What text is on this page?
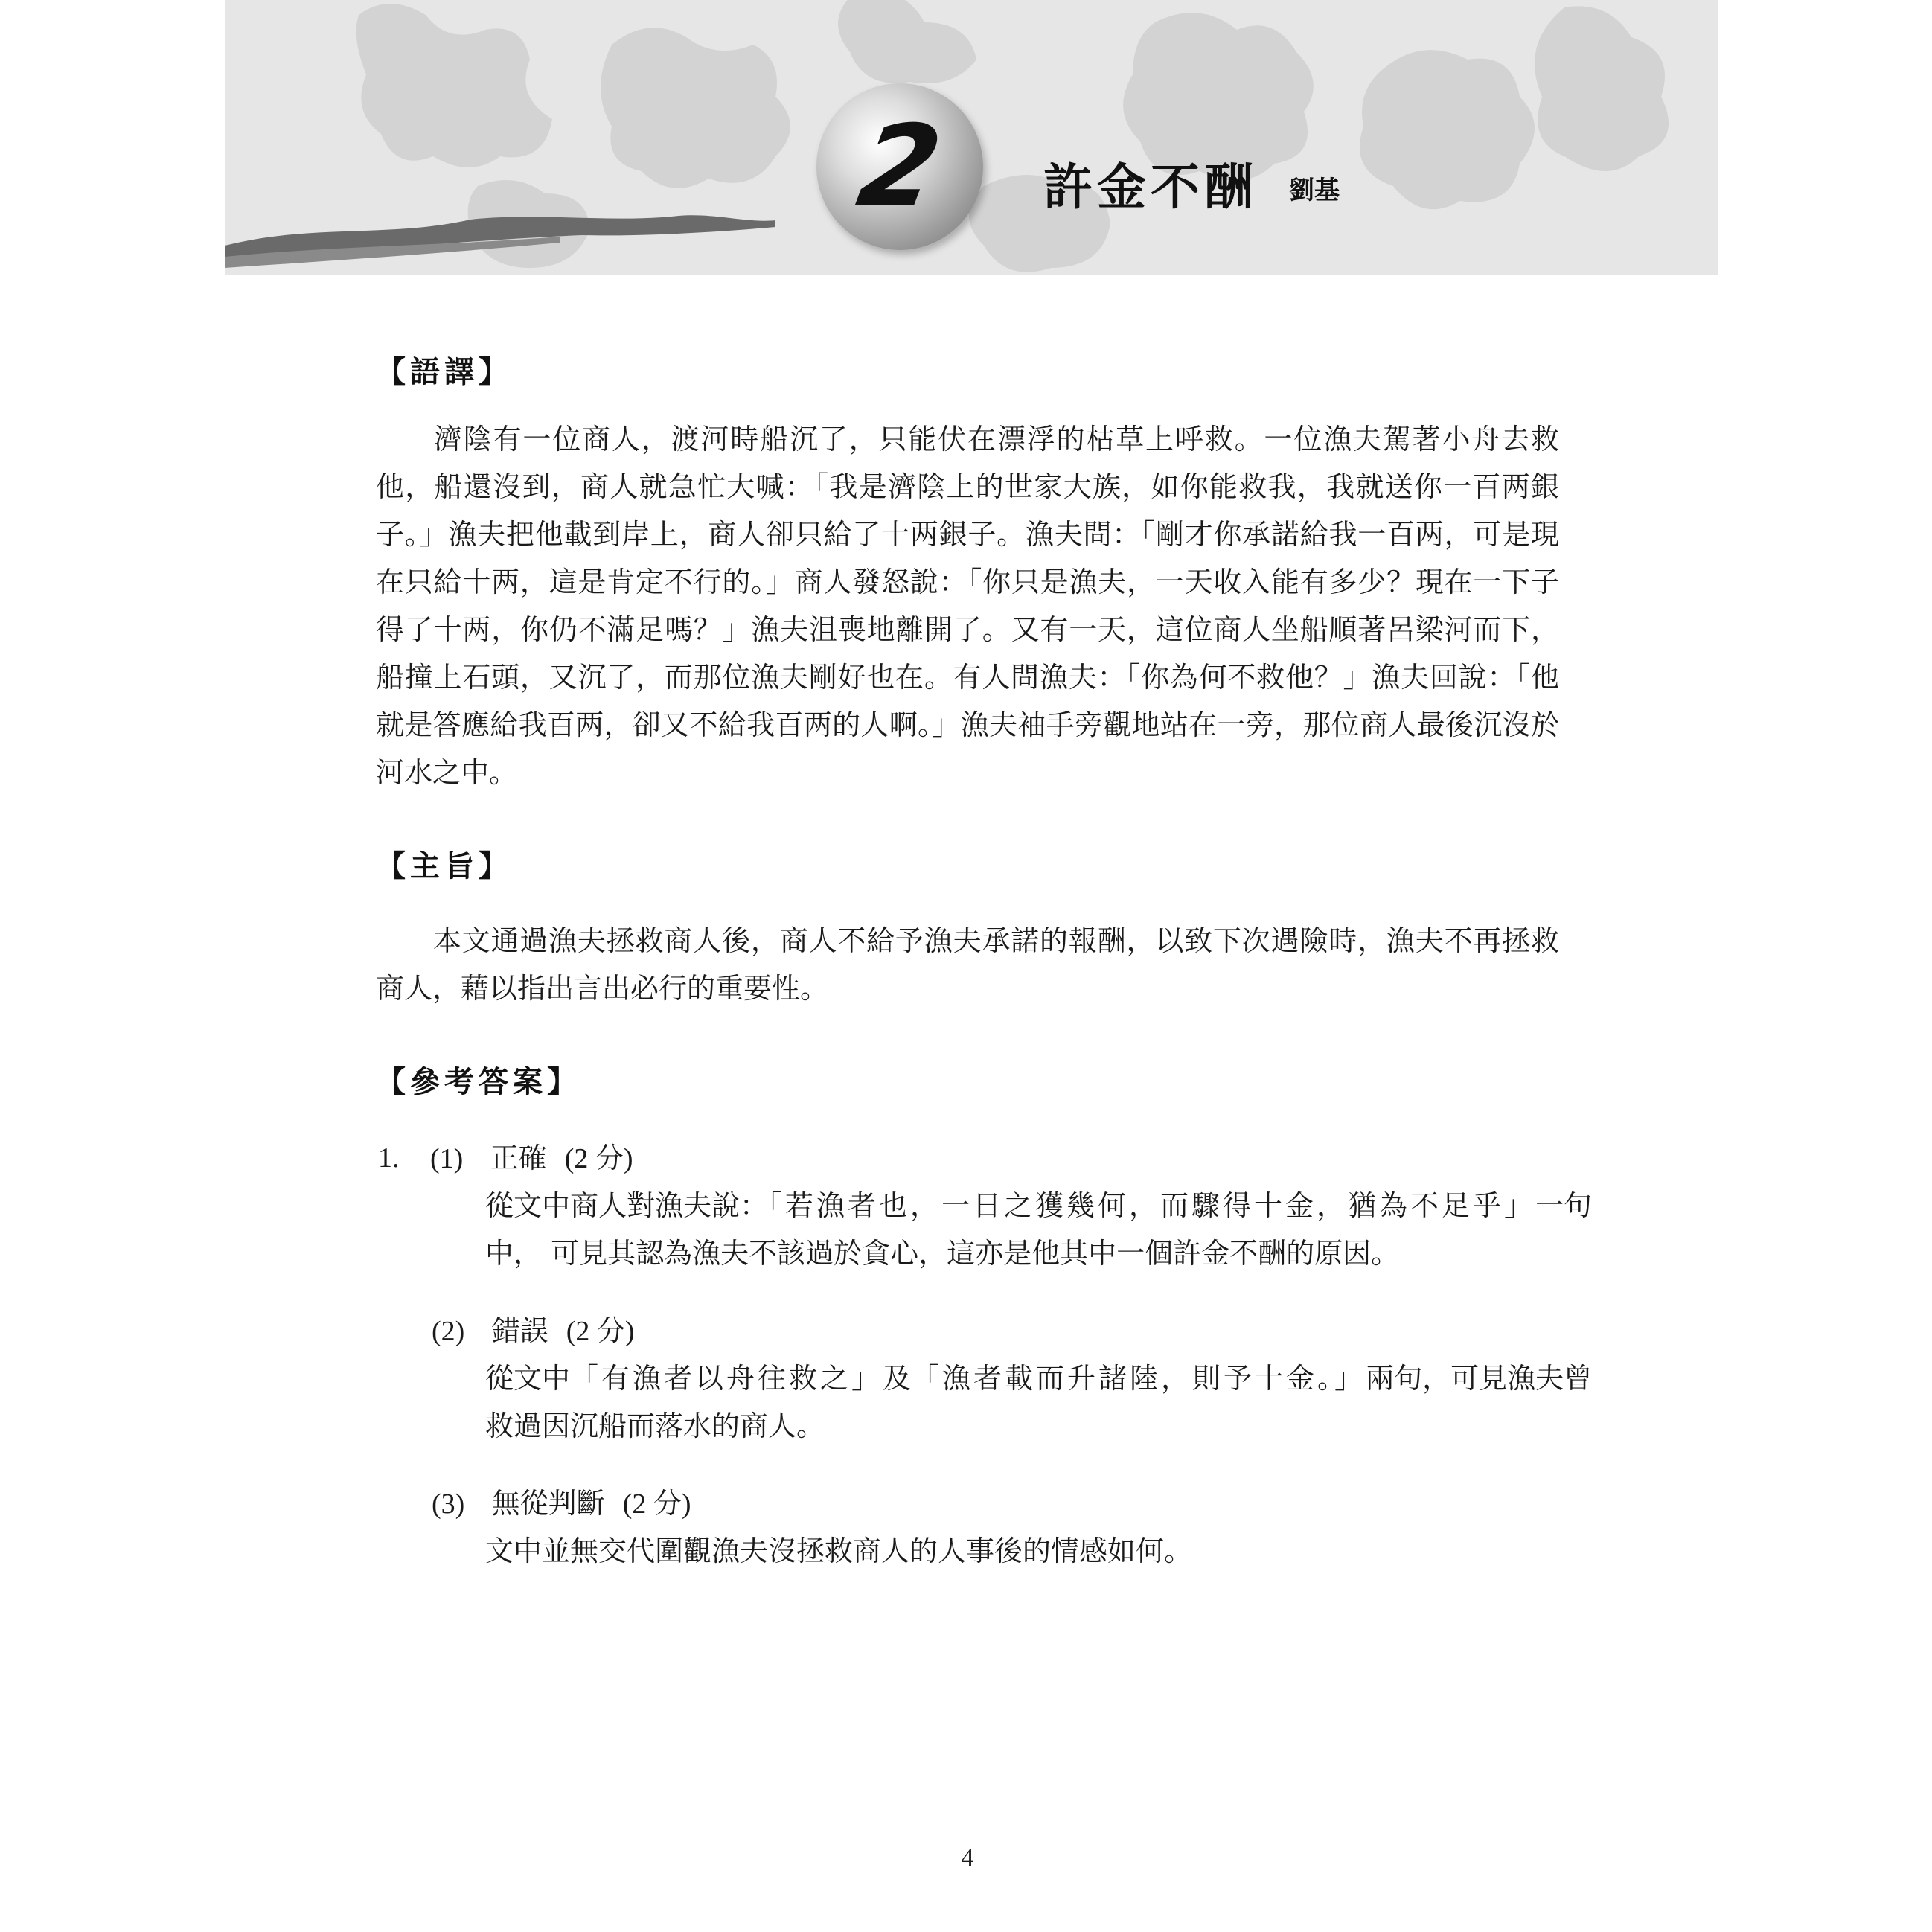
2	許金不酬 劉基
【語譯】

濟陰有一位商人，渡河時船沉了，只能伏在漂浮的枯草上呼救。一位漁夫駕著小舟去救他，船還沒到，商人就急忙大喊：「我是濟陰上的世家大族，如你能救我，我就送你一百两銀子。」漁夫把他載到岸上，商人卻只給了十两銀子。漁夫問：「剛才你承諾給我一百两，可是現在只給十两，這是肯定不行的。」商人發怒說：「你只是漁夫，一天收入能有多少？現在一下子得了十两，你仍不滿足嗎？」漁夫沮喪地離開了。又有一天，這位商人坐船順著呂梁河而下，船撞上石頭，又沉了，而那位漁夫剛好也在。有人問漁夫：「你為何不救他？」漁夫回說：「他就是答應給我百两，卻又不給我百两的人啊。」漁夫袖手旁觀地站在一旁，那位商人最後沉沒於河水之中。

【主旨】

本文通過漁夫拯救商人後，商人不給予漁夫承諾的報酬，以致下次遇險時，漁夫不再拯救商人，藉以指出言出必行的重要性。

【參考答案】
1. (1) 正確 (2 分)
從文中商人對漁夫說：「若漁者也，一日之獲幾何，而驟得十金，猶為不足乎」一句
中， 可見其認為漁夫不該過於貪心，這亦是他其中一個許金不酬的原因。
(2) 錯誤 (2 分)
從文中「有漁者以舟往救之」及「漁者載而升諸陸，則予十金。」兩句，可見漁夫曾
救過因沉船而落水的商人。
(3) 無從判斷 (2 分)
文中並無交代圍觀漁夫沒拯救商人的人事後的情感如何。
4
